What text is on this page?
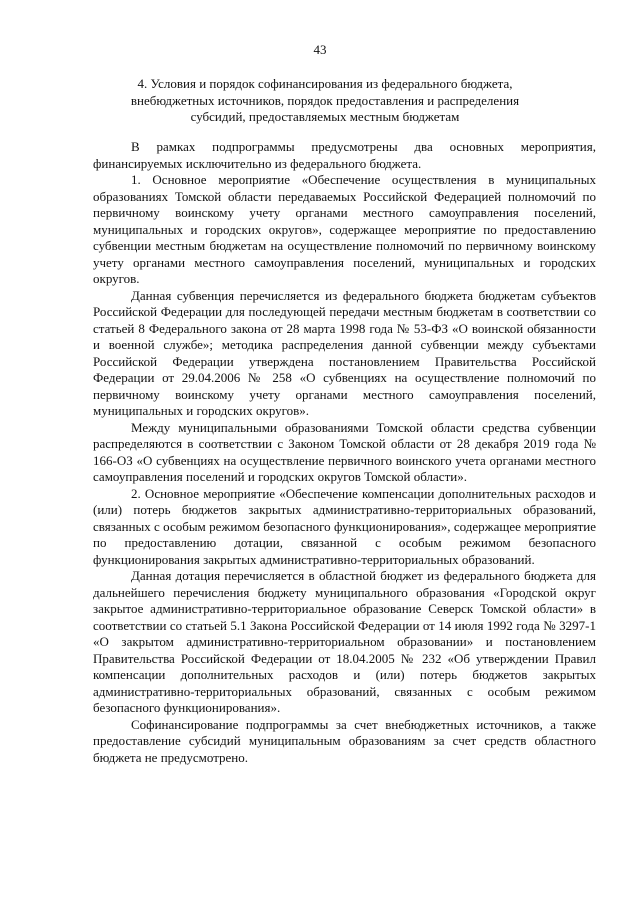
43
4. Условия и порядок софинансирования из федерального бюджета, внебюджетных источников, порядок предоставления и распределения субсидий, предоставляемых местным бюджетам

В рамках подпрограммы предусмотрены два основных мероприятия, финансируемых исключительно из федерального бюджета.

1. Основное мероприятие «Обеспечение осуществления в муниципальных образованиях Томской области передаваемых Российской Федерацией полномочий по первичному воинскому учету органами местного самоуправления поселений, муниципальных и городских округов», содержащее мероприятие по предоставлению субвенции местным бюджетам на осуществление полномочий по первичному воинскому учету органами местного самоуправления поселений, муниципальных и городских округов.

Данная субвенция перечисляется из федерального бюджета бюджетам субъектов Российской Федерации для последующей передачи местным бюджетам в соответствии со статьей 8 Федерального закона от 28 марта 1998 года № 53-ФЗ «О воинской обязанности и военной службе»; методика распределения данной субвенции между субъектами Российской Федерации утверждена постановлением Правительства Российской Федерации от 29.04.2006 № 258 «О субвенциях на осуществление полномочий по первичному воинскому учету органами местного самоуправления поселений, муниципальных и городских округов».

Между муниципальными образованиями Томской области средства субвенции распределяются в соответствии с Законом Томской области от 28 декабря 2019 года № 166-ОЗ «О субвенциях на осуществление первичного воинского учета органами местного самоуправления поселений и городских округов Томской области».

2. Основное мероприятие «Обеспечение компенсации дополнительных расходов и (или) потерь бюджетов закрытых административно-территориальных образований, связанных с особым режимом безопасного функционирования», содержащее мероприятие по предоставлению дотации, связанной с особым режимом безопасного функционирования закрытых административно-территориальных образований.

Данная дотация перечисляется в областной бюджет из федерального бюджета для дальнейшего перечисления бюджету муниципального образования «Городской округ закрытое административно-территориальное образование Северск Томской области» в соответствии со статьей 5.1 Закона Российской Федерации от 14 июля 1992 года № 3297-1 «О закрытом административно-территориальном образовании» и постановлением Правительства Российской Федерации от 18.04.2005 № 232 «Об утверждении Правил компенсации дополнительных расходов и (или) потерь бюджетов закрытых административно-территориальных образований, связанных с особым режимом безопасного функционирования».

Софинансирование подпрограммы за счет внебюджетных источников, а также предоставление субсидий муниципальным образованиям за счет средств областного бюджета не предусмотрено.
